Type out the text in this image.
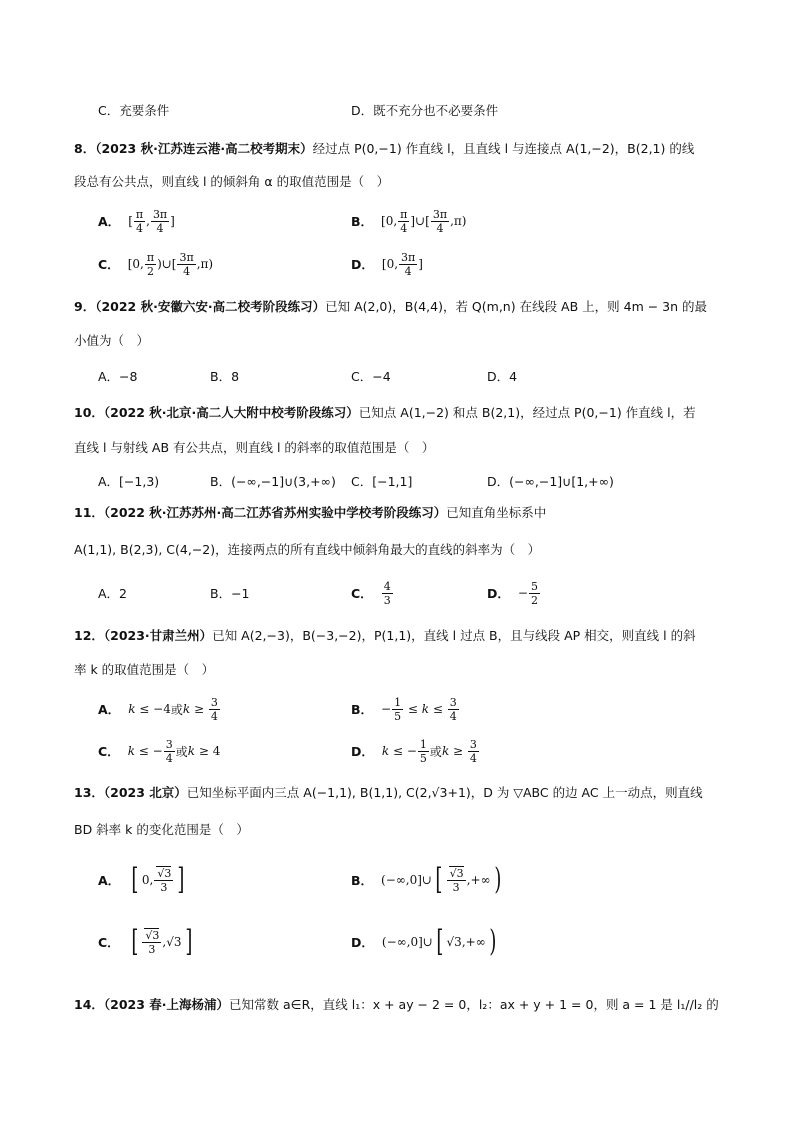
C．充要条件	D．既不充分也不必要条件
8．（2023 秋·江苏连云港·高二校考期末）经过点 P(0,−1) 作直线 l，且直线 l 与连接点 A(1,−2)，B(2,1) 的线
段总有公共点，则直线 l 的倾斜角 α 的取值范围是（　）
A． [ $\frac{\pi}{4}$ , $\frac{3\pi}{4}$ ]	B． [0, $\frac{\pi}{4}$ ]∪[ $\frac{3\pi}{4} ,\pi$)
C． [0, $\frac{\pi}{2}$ )∪[ $\frac{3\pi}{4} ,\pi$)	D． [0, $\frac{3\pi}{4}$ ]
9．（2022 秋·安徽六安·高二校考阶段练习）已知 A(2,0)，B(4,4)，若 Q(m,n) 在线段 AB 上，则 4m − 3n 的最
小值为（　）
A．−8	B．8	C．−4	D．4
10．（2022 秋·北京·高二人大附中校考阶段练习）已知点 A(1,−2) 和点 B(2,1)，经过点 P(0,−1) 作直线 l，若
直线 l 与射线 AB 有公共点，则直线 l 的斜率的取值范围是（　）
A．[−1,3)	B．(−∞,−1]∪(3,+∞) C．[−1,1]	D．(−∞,−1]∪[1,+∞)
11．（2022 秋·江苏苏州·高二江苏省苏州实验中学校考阶段练习）已知直角坐标系中
A(1,1), B(2,3), C(4,−2)，连接两点的所有直线中倾斜角最大的直线的斜率为（　）
A．2	B．−1	C． $\frac{4}{3}$	D． − $\frac{5}{2}$
12．（2023·甘肃兰州）已知 A(2,−3)，B(−3,−2)，P(1,1)，直线 l 过点 B，且与线段 AP 相交，则直线 l 的斜
率 k 的取值范围是（　）
A． k ≤ −4 或 $k \ge \frac{3}{4}$	B． − $\frac{1}{5} \le k \le \frac{3}{4}$
C． k ≤ − $\frac{3}{4}$ 或 k ≥ 4	D． k ≤ − $\frac{1}{5}$ 或 $k \ge \frac{3}{4}$
13．（2023 北京）已知坐标平面内三点 A(−1,1), B(1,1), C(2,√3+1)，D 为 ▽ABC 的边 AC 上一动点，则直线
BD 斜率 k 的变化范围是（　）
A． [ 0, $\frac{√3}{3}$ ]	B． (−∞,0]∪ [ $\frac{√3}{3}$ ,+∞ )
C． [ $\frac{√3}{3} ,√3$ ]	D． (−∞,0]∪ [ √3,+∞ )
14．（2023 春·上海杨浦）已知常数 a∈R，直线 l₁：x + ay − 2 = 0，l₂：ax + y + 1 = 0，则 a = 1 是 l₁//l₂ 的
